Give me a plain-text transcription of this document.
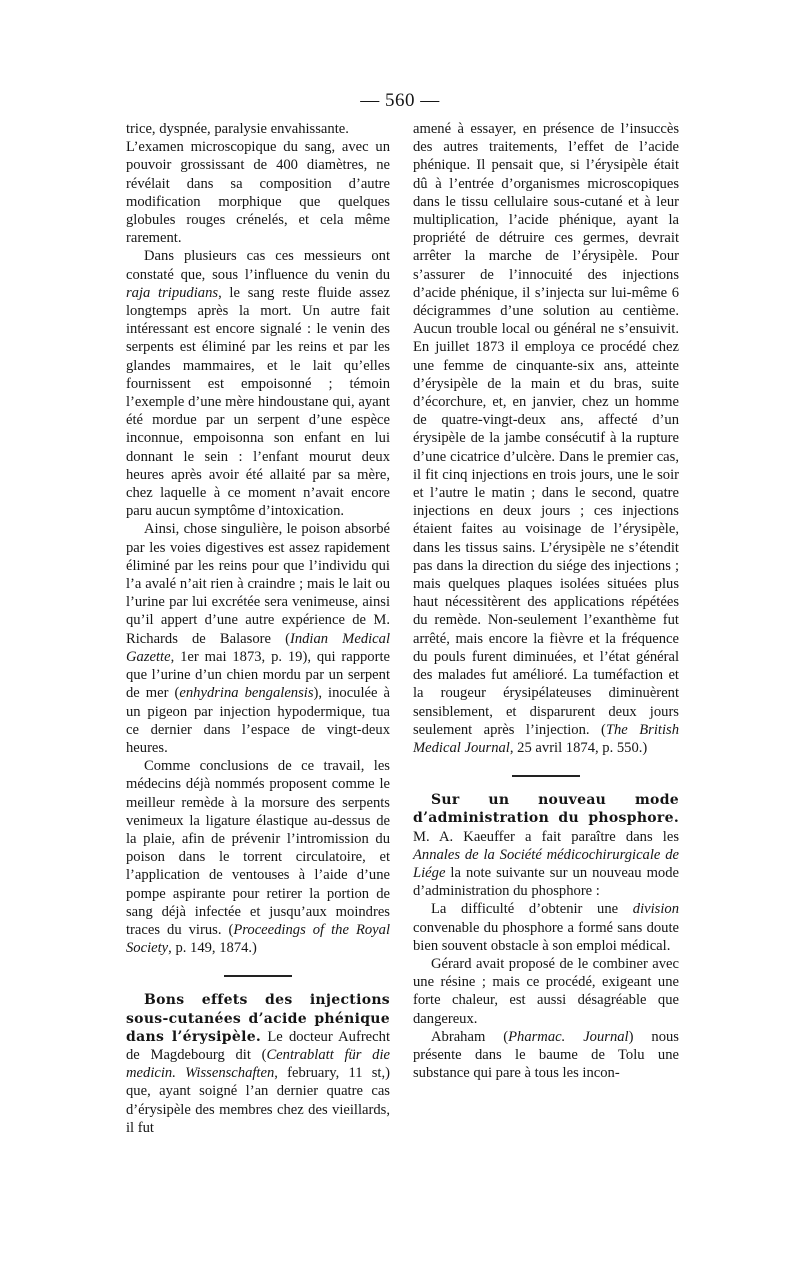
— 560 —

trice, dyspnée, paralysie envahissante.

L’examen microscopique du sang, avec un pouvoir grossissant de 400 diamètres, ne révélait dans sa composition d’autre modification morphique que quelques globules rouges crénelés, et cela même rarement.

Dans plusieurs cas ces messieurs ont constaté que, sous l’influence du venin du raja tripudians, le sang reste fluide assez longtemps après la mort. Un autre fait intéressant est encore signalé : le venin des serpents est éliminé par les reins et par les glandes mammaires, et le lait qu’elles fournissent est empoisonné ; témoin l’exemple d’une mère hindoustane qui, ayant été mordue par un serpent d’une espèce inconnue, empoisonna son enfant en lui donnant le sein : l’enfant mourut deux heures après avoir été allaité par sa mère, chez laquelle à ce moment n’avait encore paru aucun symptôme d’intoxication.

Ainsi, chose singulière, le poison absorbé par les voies digestives est assez rapidement éliminé par les reins pour que l’individu qui l’a avalé n’ait rien à craindre ; mais le lait ou l’urine par lui excrétée sera venimeuse, ainsi qu’il appert d’une autre expérience de M. Richards de Balasore (Indian Medical Gazette, 1er mai 1873, p. 19), qui rapporte que l’urine d’un chien mordu par un serpent de mer (enhydrina bengalensis), inoculée à un pigeon par injection hypodermique, tua ce dernier dans l’espace de vingt-deux heures.

Comme conclusions de ce travail, les médecins déjà nommés proposent comme le meilleur remède à la morsure des serpents venimeux la ligature élastique au-dessus de la plaie, afin de prévenir l’intromission du poison dans le torrent circulatoire, et l’application de ventouses à l’aide d’une pompe aspirante pour retirer la portion de sang déjà infectée et jusqu’aux moindres traces du virus. (Proceedings of the Royal Society, p. 149, 1874.)

Bons effets des injections sous-cutanées d’acide phénique dans l’érysipèle. Le docteur Aufrecht de Magdebourg dit (Centrablatt für die medicin. Wissenschaften, february, 11 st,) que, ayant soigné l’an dernier quatre cas d’érysipèle des membres chez des vieillards, il fut

amené à essayer, en présence de l’insuccès des autres traitements, l’effet de l’acide phénique. Il pensait que, si l’érysipèle était dû à l’entrée d’organismes microscopiques dans le tissu cellulaire sous-cutané et à leur multiplication, l’acide phénique, ayant la propriété de détruire ces germes, devrait arrêter la marche de l’érysipèle. Pour s’assurer de l’innocuité des injections d’acide phénique, il s’injecta sur lui-même 6 décigrammes d’une solution au centième. Aucun trouble local ou général ne s’ensuivit. En juillet 1873 il employa ce procédé chez une femme de cinquante-six ans, atteinte d’érysipèle de la main et du bras, suite d’écorchure, et, en janvier, chez un homme de quatre-vingt-deux ans, affecté d’un érysipèle de la jambe consécutif à la rupture d’une cicatrice d’ulcère. Dans le premier cas, il fit cinq injections en trois jours, une le soir et l’autre le matin ; dans le second, quatre injections en deux jours ; ces injections étaient faites au voisinage de l’érysipèle, dans les tissus sains. L’érysipèle ne s’étendit pas dans la direction du siége des injections ; mais quelques plaques isolées situées plus haut nécessitèrent des applications répétées du remède. Non-seulement l’exanthème fut arrêté, mais encore la fièvre et la fréquence du pouls furent diminuées, et l’état général des malades fut amélioré. La tuméfaction et la rougeur érysipélateuses diminuèrent sensiblement, et disparurent deux jours seulement après l’injection. (The British Medical Journal, 25 avril 1874, p. 550.)

Sur un nouveau mode d’administration du phosphore. M. A. Kaeuffer a fait paraître dans les Annales de la Société médicochirurgicale de Liége la note suivante sur un nouveau mode d’administration du phosphore :

La difficulté d’obtenir une division convenable du phosphore a formé sans doute bien souvent obstacle à son emploi médical.

Gérard avait proposé de le combiner avec une résine ; mais ce procédé, exigeant une forte chaleur, est aussi désagréable que dangereux.

Abraham (Pharmac. Journal) nous présente dans le baume de Tolu une substance qui pare à tous les incon-
